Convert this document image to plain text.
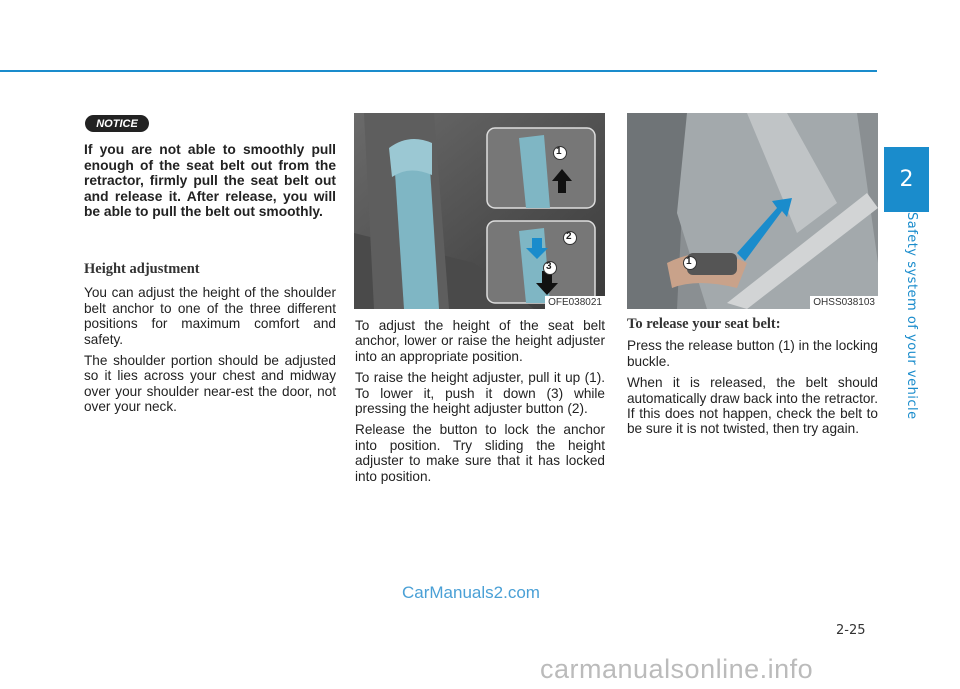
2
Safety system of your vehicle
NOTICE
If you are not able to smoothly pull enough of the seat belt out from the retractor, firmly pull the seat belt out and release it. After release, you will be able to pull the belt out smoothly.

Height adjustment

You can adjust the height of the shoulder belt anchor to one of the three different positions for maximum comfort and safety.

The shoulder portion should be adjusted so it lies across your chest and midway over your shoulder near-est the door, not over your neck.

1
2
3
OFE038021

To adjust the height of the seat belt anchor, lower or raise the height adjuster into an appropriate position.

To raise the height adjuster, pull it up (1). To lower it, push it down (3) while pressing the height adjuster button (2).

Release the button to lock the anchor into position. Try sliding the height adjuster to make sure that it has locked into position.

1
OHSS038103

To release your seat belt:

Press the release button (1) in the locking buckle.

When it is released, the belt should automatically draw back into the retractor. If this does not happen, check the belt to be sure it is not twisted, then try again.

CarManuals2.com
2-25
carmanualsonline.info
